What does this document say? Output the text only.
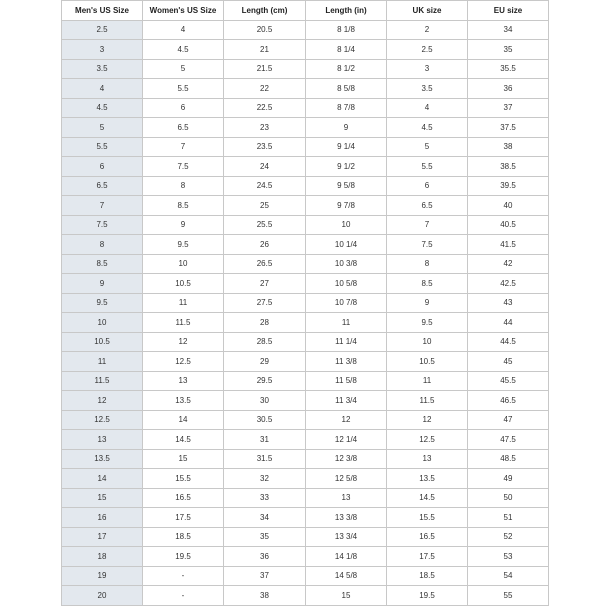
Men's US Size	Women's US Size	Length (cm)	Length (in)	UK size	EU size
2.5	4	20.5	8 1/8	2	34
3	4.5	21	8 1/4	2.5	35
3.5	5	21.5	8 1/2	3	35.5
4	5.5	22	8 5/8	3.5	36
4.5	6	22.5	8 7/8	4	37
5	6.5	23	9	4.5	37.5
5.5	7	23.5	9 1/4	5	38
6	7.5	24	9 1/2	5.5	38.5
6.5	8	24.5	9 5/8	6	39.5
7	8.5	25	9 7/8	6.5	40
7.5	9	25.5	10	7	40.5
8	9.5	26	10 1/4	7.5	41.5
8.5	10	26.5	10 3/8	8	42
9	10.5	27	10 5/8	8.5	42.5
9.5	11	27.5	10 7/8	9	43
10	11.5	28	11	9.5	44
10.5	12	28.5	11 1/4	10	44.5
11	12.5	29	11 3/8	10.5	45
11.5	13	29.5	11 5/8	11	45.5
12	13.5	30	11 3/4	11.5	46.5
12.5	14	30.5	12	12	47
13	14.5	31	12 1/4	12.5	47.5
13.5	15	31.5	12 3/8	13	48.5
14	15.5	32	12 5/8	13.5	49
15	16.5	33	13	14.5	50
16	17.5	34	13 3/8	15.5	51
17	18.5	35	13 3/4	16.5	52
18	19.5	36	14 1/8	17.5	53
19	-	37	14 5/8	18.5	54
20	-	38	15	19.5	55
